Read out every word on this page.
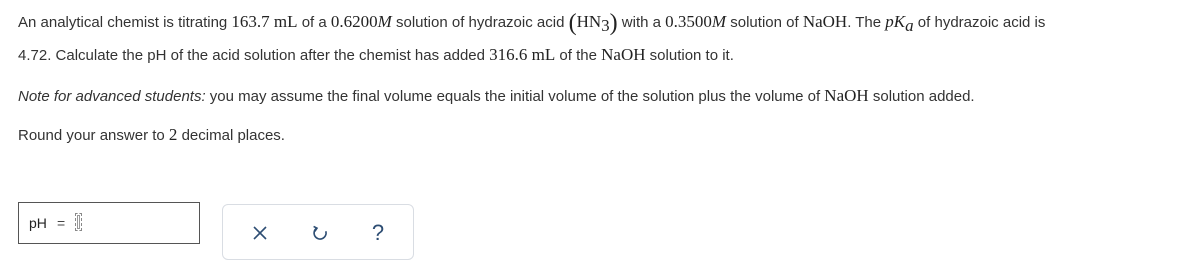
An analytical chemist is titrating 163.7 mL of a 0.6200M solution of hydrazoic acid $(HN_3)$ with a 0.3500M solution of NaOH. The $pK_a$ of hydrazoic acid is
4.72. Calculate the pH of the acid solution after the chemist has added 316.6 mL of the NaOH solution to it.
Note for advanced students: you may assume the final volume equals the initial volume of the solution plus the volume of NaOH solution added.
Round your answer to 2 decimal places.
pH =	?
